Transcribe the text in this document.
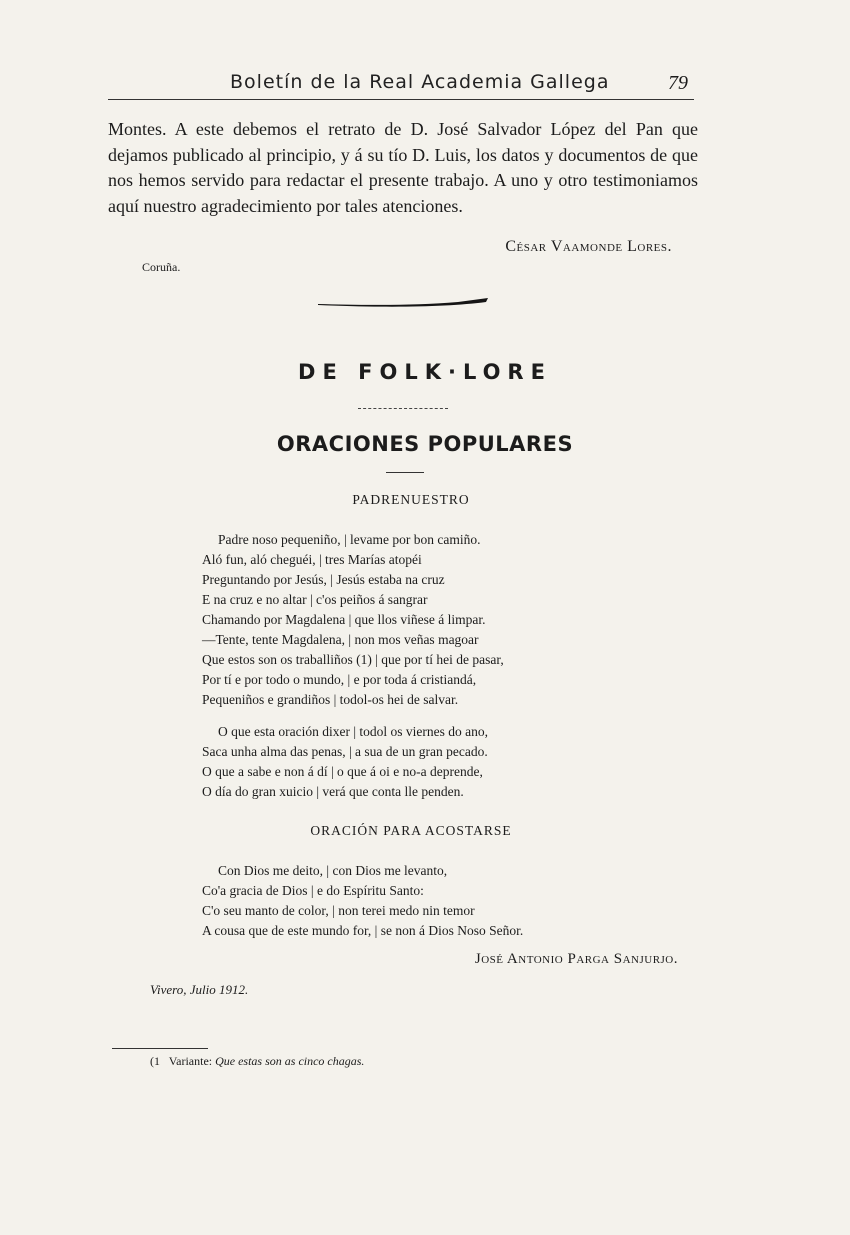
Boletín de la Real Academia Gallega	79

Montes. A este debemos el retrato de D. José Salvador López del Pan que dejamos publicado al principio, y á su tío D. Luis, los datos y documentos de que nos hemos servido para redactar el presente trabajo. A uno y otro testimoniamos aquí nuestro agradecimiento por tales atenciones.

César Vaamonde Lores.

Coruña.

DE FOLK·LORE
ORACIONES POPULARES

PADRENUESTRO

Padre noso pequeniño, | levame por bon camiño.
Aló fun, aló cheguéi, | tres Marías atopéi
Preguntando por Jesús, | Jesús estaba na cruz
E na cruz e no altar | c'os peiños á sangrar
Chamando por Magdalena | que llos viñese á limpar.
—Tente, tente Magdalena, | non mos veñas magoar
Que estos son os traballiños (1) | que por tí hei de pasar,
Por tí e por todo o mundo, | e por toda á cristiandá,
Pequeniños e grandiños | todol-os hei de salvar.
O que esta oración dixer | todol os viernes do ano,
Saca unha alma das penas, | a sua de un gran pecado.
O que a sabe e non á dí | o que á oi e no-a deprende,
O día do gran xuicio | verá que conta lle penden.

ORACIÓN PARA ACOSTARSE

Con Dios me deito, | con Dios me levanto,
Co'a gracia de Dios | e do Espíritu Santo:
C'o seu manto de color, | non terei medo nin temor
A cousa que de este mundo for, | se non á Dios Noso Señor.

José Antonio Parga Sanjurjo.

Vivero, Julio 1912.

(1 Variante: Que estas son as cinco chagas.
